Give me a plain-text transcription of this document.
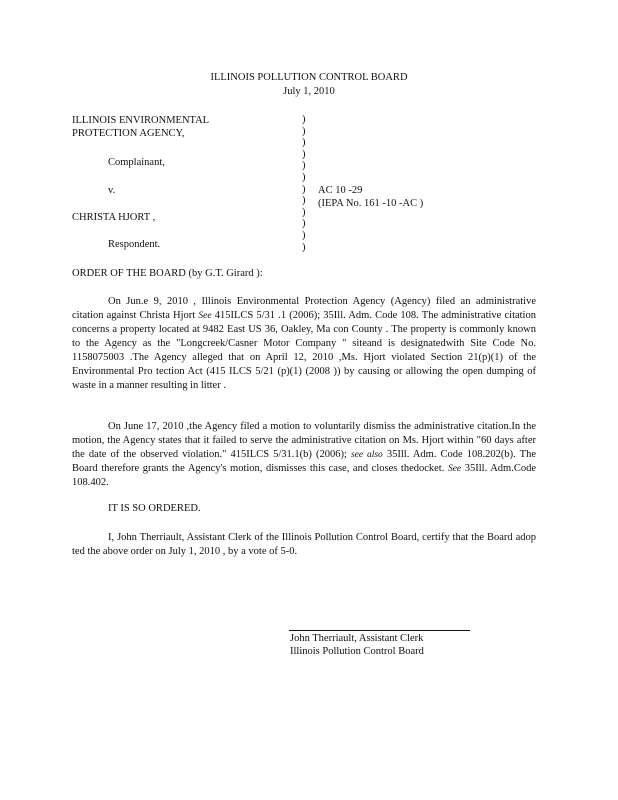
ILLINOIS POLLUTION CONTROL BOARD
July 1, 2010
ILLINOIS ENVIRONMENTAL
PROTECTION AGENCY,
Complainant,
v.
CHRISTA HJORT ,
Respondent.
)
)
)
)
)
)
)
)
)
)
)
)
AC 10 -29
(IEPA No. 161 -10 -AC )
ORDER OF THE BOARD (by G.T. Girard ):
On Jun.e 9, 2010 , Illinois Environmental Protection Agency (Agency) filed an administrative citation against Christa Hjort See 415ILCS 5/31 .1 (2006); 35Ill. Adm. Code 108. The administrative citation concerns a property located at 9482 East US 36, Oakley, Ma con County . The property is commonly known to the Agency as the "Longcreek/Casner Motor Company " siteand is designatedwith Site Code No. 1158075003 .The Agency alleged that on April 12, 2010 ,Ms. Hjort violated Section 21(p)(1) of the Environmental Pro tection Act (415 ILCS 5/21 (p)(1) (2008 )) by causing or allowing the open dumping of waste in a manner resulting in litter .
On June 17, 2010 ,the Agency filed a motion to voluntarily dismiss the administrative citation.In the motion, the Agency states that it failed to serve the administrative citation on Ms. Hjort within "60 days after the date of the observed violation." 415ILCS 5/31.1(b) (2006); see also 35Ill. Adm. Code 108.202(b). The Board therefore grants the Agency's motion, dismisses this case, and closes thedocket. See 35Ill. Adm.Code 108.402.
IT IS SO ORDERED.
I, John Therriault, Assistant Clerk of the Illinois Pollution Control Board, certify that the Board adop ted the above order on July 1, 2010 , by a vote of 5-0.
John Therriault, Assistant Clerk
Illinois Pollution Control Board
